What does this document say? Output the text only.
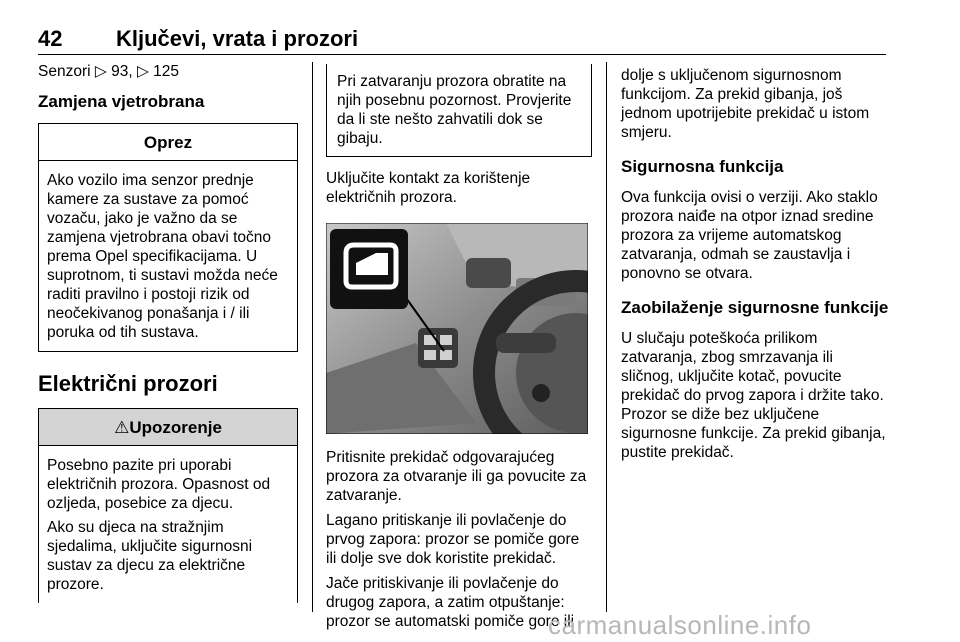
42 Ključevi, vrata i prozori

Senzori ▷ 93, ▷ 125

Zamjena vjetrobrana
Oprez

Ako vozilo ima senzor prednje kamere za sustave za pomoć vozaču, jako je važno da se zamjena vjetrobrana obavi točno prema Opel specifikacijama. U suprotnom, ti sustavi možda neće raditi pravilno i postoji rizik od neočekivanog ponašanja i / ili poruka od tih sustava.

Električni prozori
⚠Upozorenje

Posebno pazite pri uporabi električnih prozora. Opasnost od ozljeda, posebice za djecu.

Ako su djeca na stražnjim sjedalima, uključite sigurnosni sustav za djecu za električne prozore.

Pri zatvaranju prozora obratite na njih posebnu pozornost. Provjerite da li ste nešto zahvatili dok se gibaju.

Uključite kontakt za korištenje električnih prozora.

Pritisnite prekidač odgovarajućeg prozora za otvaranje ili ga povucite za zatvaranje.

Lagano pritiskanje ili povlačenje do prvog zapora: prozor se pomiče gore ili dolje sve dok koristite prekidač.

Jače pritiskivanje ili povlačenje do drugog zapora, a zatim otpuštanje: prozor se automatski pomiče gore ili

dolje s uključenom sigurnosnom funkcijom. Za prekid gibanja, još jednom upotrijebite prekidač u istom smjeru.

Sigurnosna funkcija

Ova funkcija ovisi o verziji. Ako staklo prozora naiđe na otpor iznad sredine prozora za vrijeme automatskog zatvaranja, odmah se zaustavlja i ponovno se otvara.

Zaobilaženje sigurnosne funkcije

U slučaju poteškoća prilikom zatvaranja, zbog smrzavanja ili sličnog, uključite kotač, povucite prekidač do prvog zapora i držite tako. Prozor se diže bez uključene sigurnosne funkcije. Za prekid gibanja, pustite prekidač.

carmanualsonline.info
